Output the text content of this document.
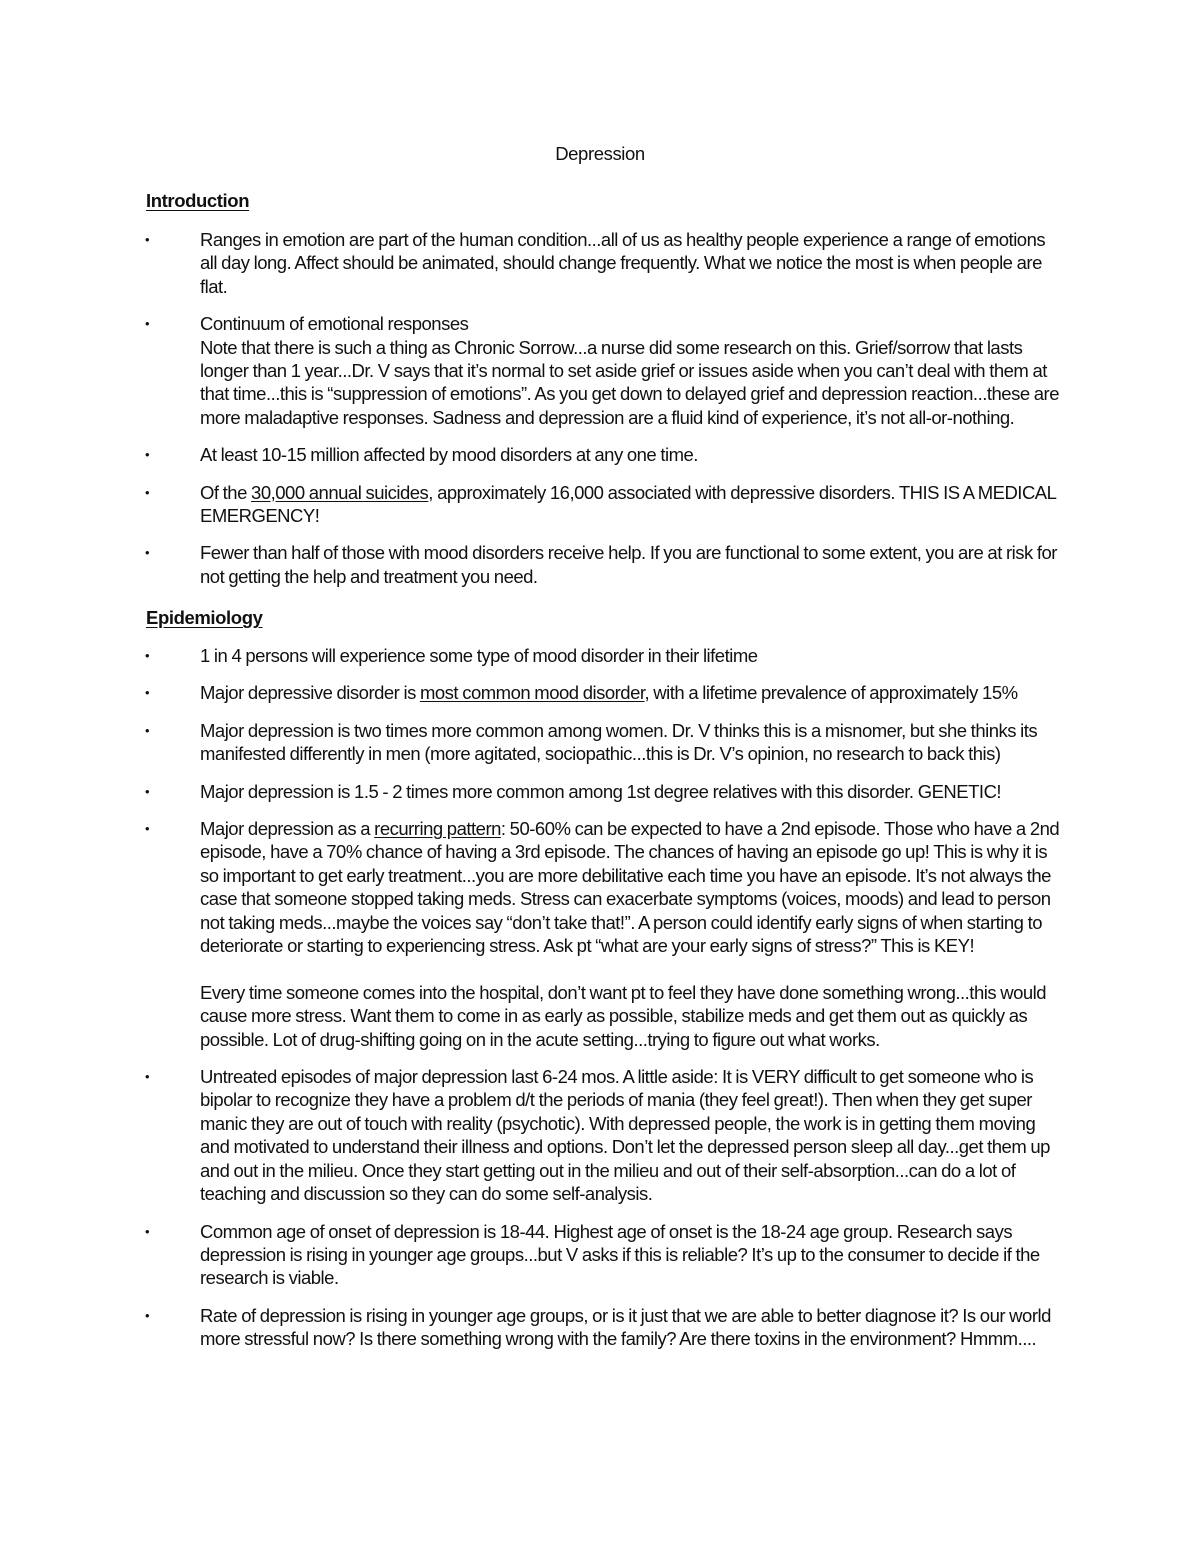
Depression
Introduction
•	Ranges in emotion are part of the human condition...all of us as healthy people experience a range of emotions all day long. Affect should be animated, should change frequently. What we notice the most is when people are flat.
•	Continuum of emotional responses
Note that there is such a thing as Chronic Sorrow...a nurse did some research on this. Grief/sorrow that lasts longer than 1 year...Dr. V says that it’s normal to set aside grief or issues aside when you can’t deal with them at that time...this is “suppression of emotions”. As you get down to delayed grief and depression reaction...these are more maladaptive responses. Sadness and depression are a fluid kind of experience, it’s not all-or-nothing.
•	At least 10-15 million affected by mood disorders at any one time.
•	Of the 30,000 annual suicides, approximately 16,000 associated with depressive disorders. THIS IS A MEDICAL EMERGENCY!
•	Fewer than half of those with mood disorders receive help. If you are functional to some extent, you are at risk for not getting the help and treatment you need.
Epidemiology
•	1 in 4 persons will experience some type of mood disorder in their lifetime
•	Major depressive disorder is most common mood disorder, with a lifetime prevalence of approximately 15%
•	Major depression is two times more common among women. Dr. V thinks this is a misnomer, but she thinks its manifested differently in men (more agitated, sociopathic...this is Dr. V’s opinion, no research to back this)
•	Major depression is 1.5 - 2 times more common among 1st degree relatives with this disorder. GENETIC!
•	Major depression as a recurring pattern: 50-60% can be expected to have a 2nd episode. Those who have a 2nd episode, have a 70% chance of having a 3rd episode. The chances of having an episode go up! This is why it is so important to get early treatment...you are more debilitative each time you have an episode. It’s not always the case that someone stopped taking meds. Stress can exacerbate symptoms (voices, moods) and lead to person not taking meds...maybe the voices say “don’t take that!”. A person could identify early signs of when starting to deteriorate or starting to experiencing stress. Ask pt “what are your early signs of stress?” This is KEY!
Every time someone comes into the hospital, don’t want pt to feel they have done something wrong...this would cause more stress. Want them to come in as early as possible, stabilize meds and get them out as quickly as possible. Lot of drug-shifting going on in the acute setting...trying to figure out what works.
•	Untreated episodes of major depression last 6-24 mos. A little aside: It is VERY difficult to get someone who is bipolar to recognize they have a problem d/t the periods of mania (they feel great!). Then when they get super manic they are out of touch with reality (psychotic). With depressed people, the work is in getting them moving and motivated to understand their illness and options. Don’t let the depressed person sleep all day...get them up and out in the milieu. Once they start getting out in the milieu and out of their self-absorption...can do a lot of teaching and discussion so they can do some self-analysis.
•	Common age of onset of depression is 18-44. Highest age of onset is the 18-24 age group. Research says depression is rising in younger age groups...but V asks if this is reliable? It’s up to the consumer to decide if the research is viable.
•	Rate of depression is rising in younger age groups, or is it just that we are able to better diagnose it? Is our world more stressful now? Is there something wrong with the family? Are there toxins in the environment? Hmmm....
